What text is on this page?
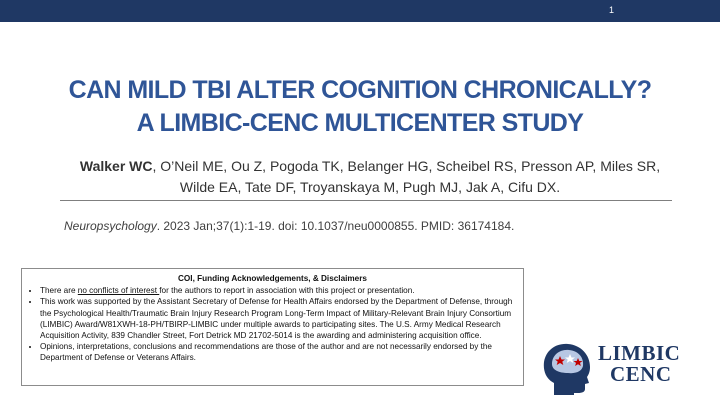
1
CAN MILD TBI ALTER COGNITION CHRONICALLY?
A LIMBIC-CENC MULTICENTER STUDY
Walker WC, O’Neil ME, Ou Z, Pogoda TK, Belanger HG, Scheibel RS, Presson AP, Miles SR,
Wilde EA, Tate DF, Troyanskaya M, Pugh MJ, Jak A, Cifu DX.
Neuropsychology. 2023 Jan;37(1):1-19. doi: 10.1037/neu0000855. PMID: 36174184.
COI, Funding Acknowledgements, & Disclaimers
• There are no conflicts of interest for the authors to report in association with this project or presentation.
• This work was supported by the Assistant Secretary of Defense for Health Affairs endorsed by the Department of Defense, through the Psychological Health/Traumatic Brain Injury Research Program Long-Term Impact of Military-Relevant Brain Injury Consortium (LIMBIC) Award/W81XWH-18-PH/TBIRP-LIMBIC under multiple awards to participating sites. The U.S. Army Medical Research Acquisition Activity, 839 Chandler Street, Fort Detrick MD 21702-5014 is the awarding and administering acquisition office.
• Opinions, interpretations, conclusions and recommendations are those of the author and are not necessarily endorsed by the Department of Defense or Veterans Affairs.	LIMBIC
CENC
